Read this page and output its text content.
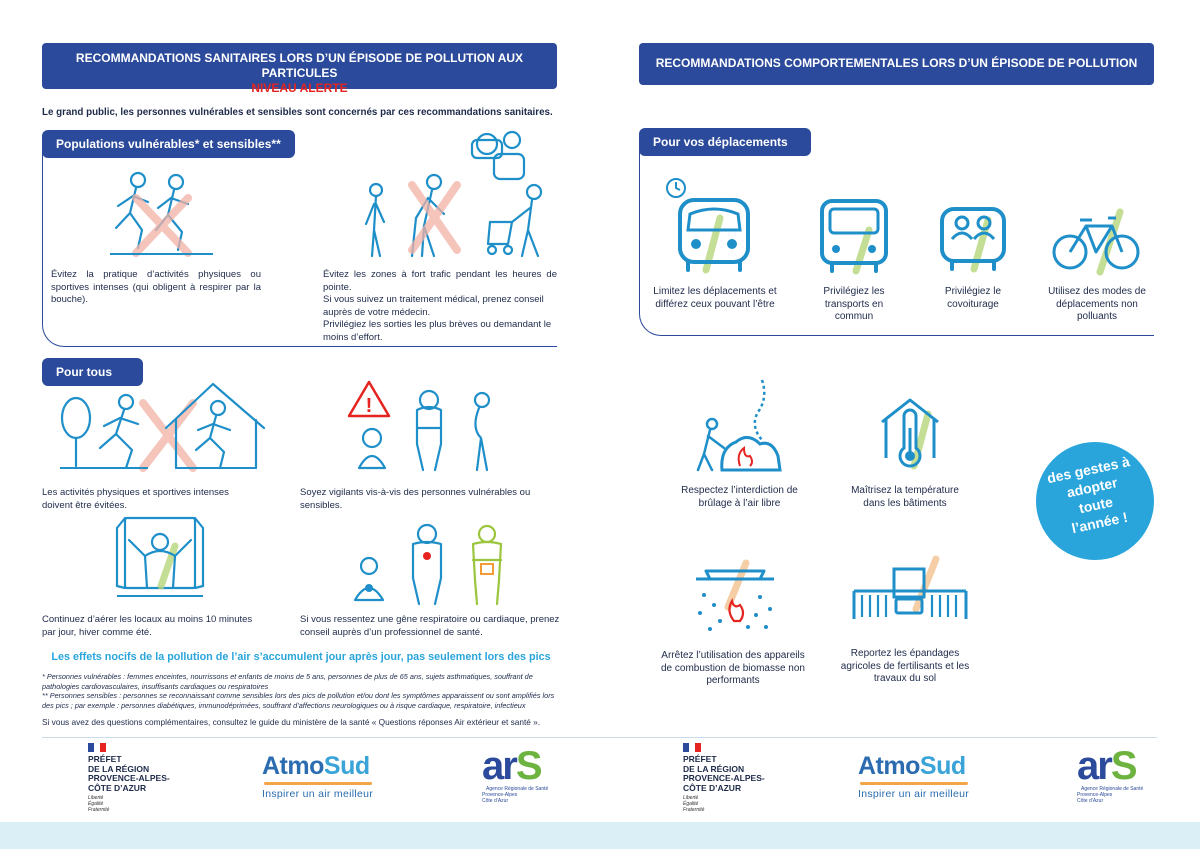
RECOMMANDATIONS SANITAIRES LORS D’UN ÉPISODE DE POLLUTION AUX PARTICULES
NIVEAU ALERTE
Le grand public, les personnes vulnérables et sensibles sont concernés par ces recommandations sanitaires.
Populations vulnérables* et sensibles**
Évitez la pratique d’activités physiques ou sportives intenses (qui obligent à respirer par la bouche).
Évitez les zones à fort trafic pendant les heures de pointe.
Si vous suivez un traitement médical, prenez conseil auprès de votre médecin.
Privilégiez les sorties les plus brèves ou demandant le moins d’effort.
Pour tous
!
Les activités physiques et sportives intenses doivent être évitées.
Soyez vigilants vis-à-vis des personnes vulnérables ou sensibles.
Continuez d’aérer les locaux au moins 10 minutes par jour, hiver comme été.
Si vous ressentez une gêne respiratoire ou cardiaque, prenez conseil auprès d’un professionnel de santé.
Les effets nocifs de la pollution de l’air s’accumulent jour après jour, pas seulement lors des pics
* Personnes vulnérables : femmes enceintes, nourrissons et enfants de moins de 5 ans, personnes de plus de 65 ans, sujets asthmatiques, souffrant de pathologies cardiovasculaires, insuffisants cardiaques ou respiratoires
** Personnes sensibles : personnes se reconnaissant comme sensibles lors des pics de pollution et/ou dont les symptômes apparaissent ou sont amplifiés lors des pics ; par exemple : personnes diabétiques, immunodéprimées, souffrant d’affections neurologiques ou à risque cardiaque, respiratoire, infectieux
Si vous avez des questions complémentaires, consultez le guide du ministère de la santé « Questions réponses Air extérieur et santé ».
RECOMMANDATIONS COMPORTEMENTALES LORS D’UN ÉPISODE DE POLLUTION
Pour vos déplacements
Limitez les déplacements et différez ceux pouvant l’être
Privilégiez les transports en commun
Privilégiez le covoiturage
Utilisez des modes de déplacements non polluants
Respectez l’interdiction de brûlage à l’air libre
Maîtrisez la température dans les bâtiments
Arrêtez l’utilisation des appareils de combustion de biomasse non performants
Reportez les épandages agricoles de fertilisants et les travaux du sol
des gestes à adopter toute l’année !
PRÉFET
DE LA RÉGION
PROVENCE-ALPES-
CÔTE D’AZUR
Liberté
Égalité
Fraternité
AtmoSud
Inspirer un air meilleur
arS
Agence Régionale de Santé
Provence-Alpes
Côte d’Azur
PRÉFET
DE LA RÉGION
PROVENCE-ALPES-
CÔTE D’AZUR
Liberté
Égalité
Fraternité
AtmoSud
Inspirer un air meilleur
arS
Agence Régionale de Santé
Provence-Alpes
Côte d’Azur
